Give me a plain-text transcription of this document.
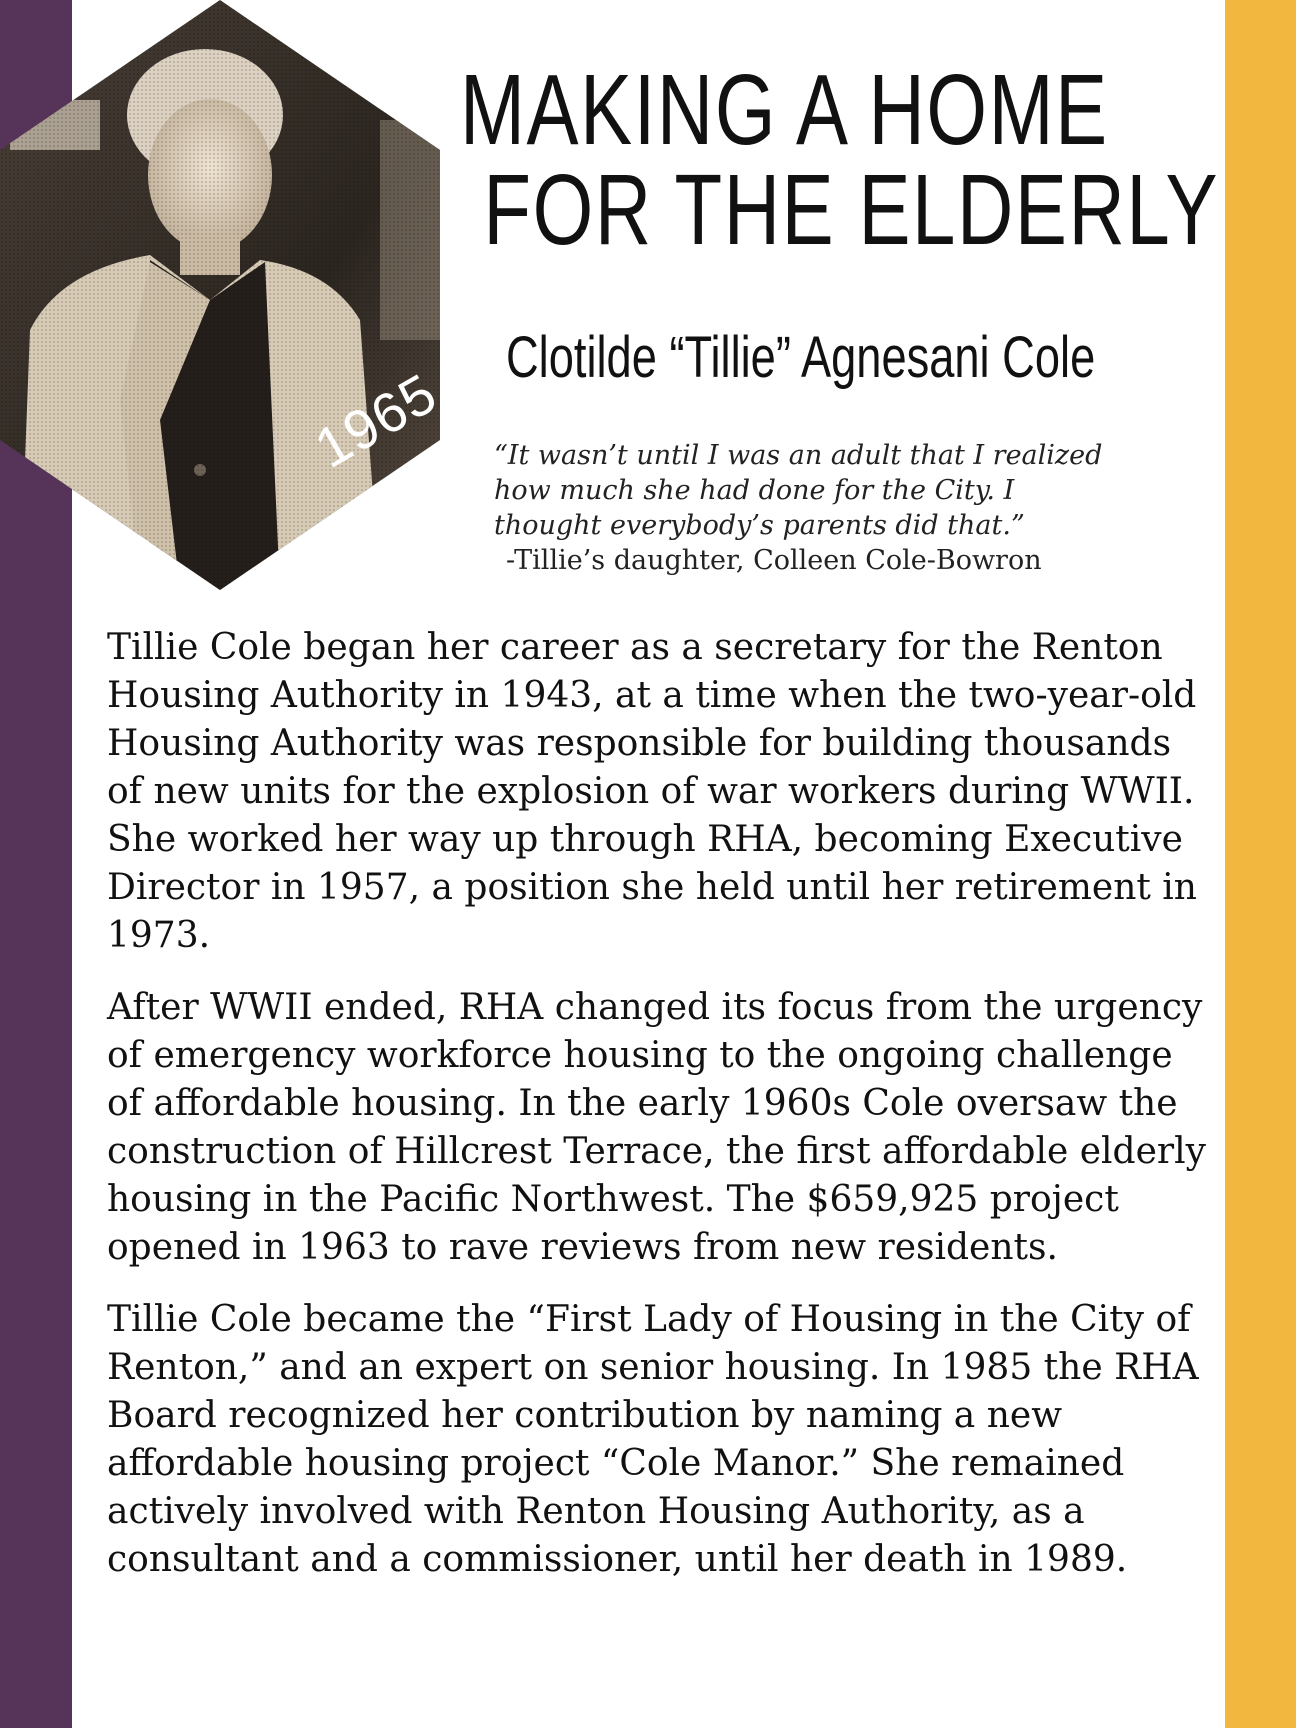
1965
MAKING A HOME
FOR THE ELDERLY
Clotilde “Tillie” Agnesani Cole
“It wasn’t until I was an adult that I realized
how much she had done for the City. I
thought everybody’s parents did that.”
-Tillie’s daughter, Colleen Cole-Bowron

Tillie Cole began her career as a secretary for the Renton Housing Authority in 1943, at a time when the two-year-old Housing Authority was responsible for building thousands of new units for the explosion of war workers during WWII. She worked her way up through RHA, becoming Executive Director in 1957, a position she held until her retirement in 1973.

After WWII ended, RHA changed its focus from the urgency of emergency workforce housing to the ongoing challenge of affordable housing. In the early 1960s Cole oversaw the construction of Hillcrest Terrace, the first affordable elderly housing in the Pacific Northwest. The $659,925 project opened in 1963 to rave reviews from new residents.

Tillie Cole became the “First Lady of Housing in the City of Renton,” and an expert on senior housing. In 1985 the RHA Board recognized her contribution by naming a new affordable housing project “Cole Manor.” She remained actively involved with Renton Housing Authority, as a consultant and a commissioner, until her death in 1989.
